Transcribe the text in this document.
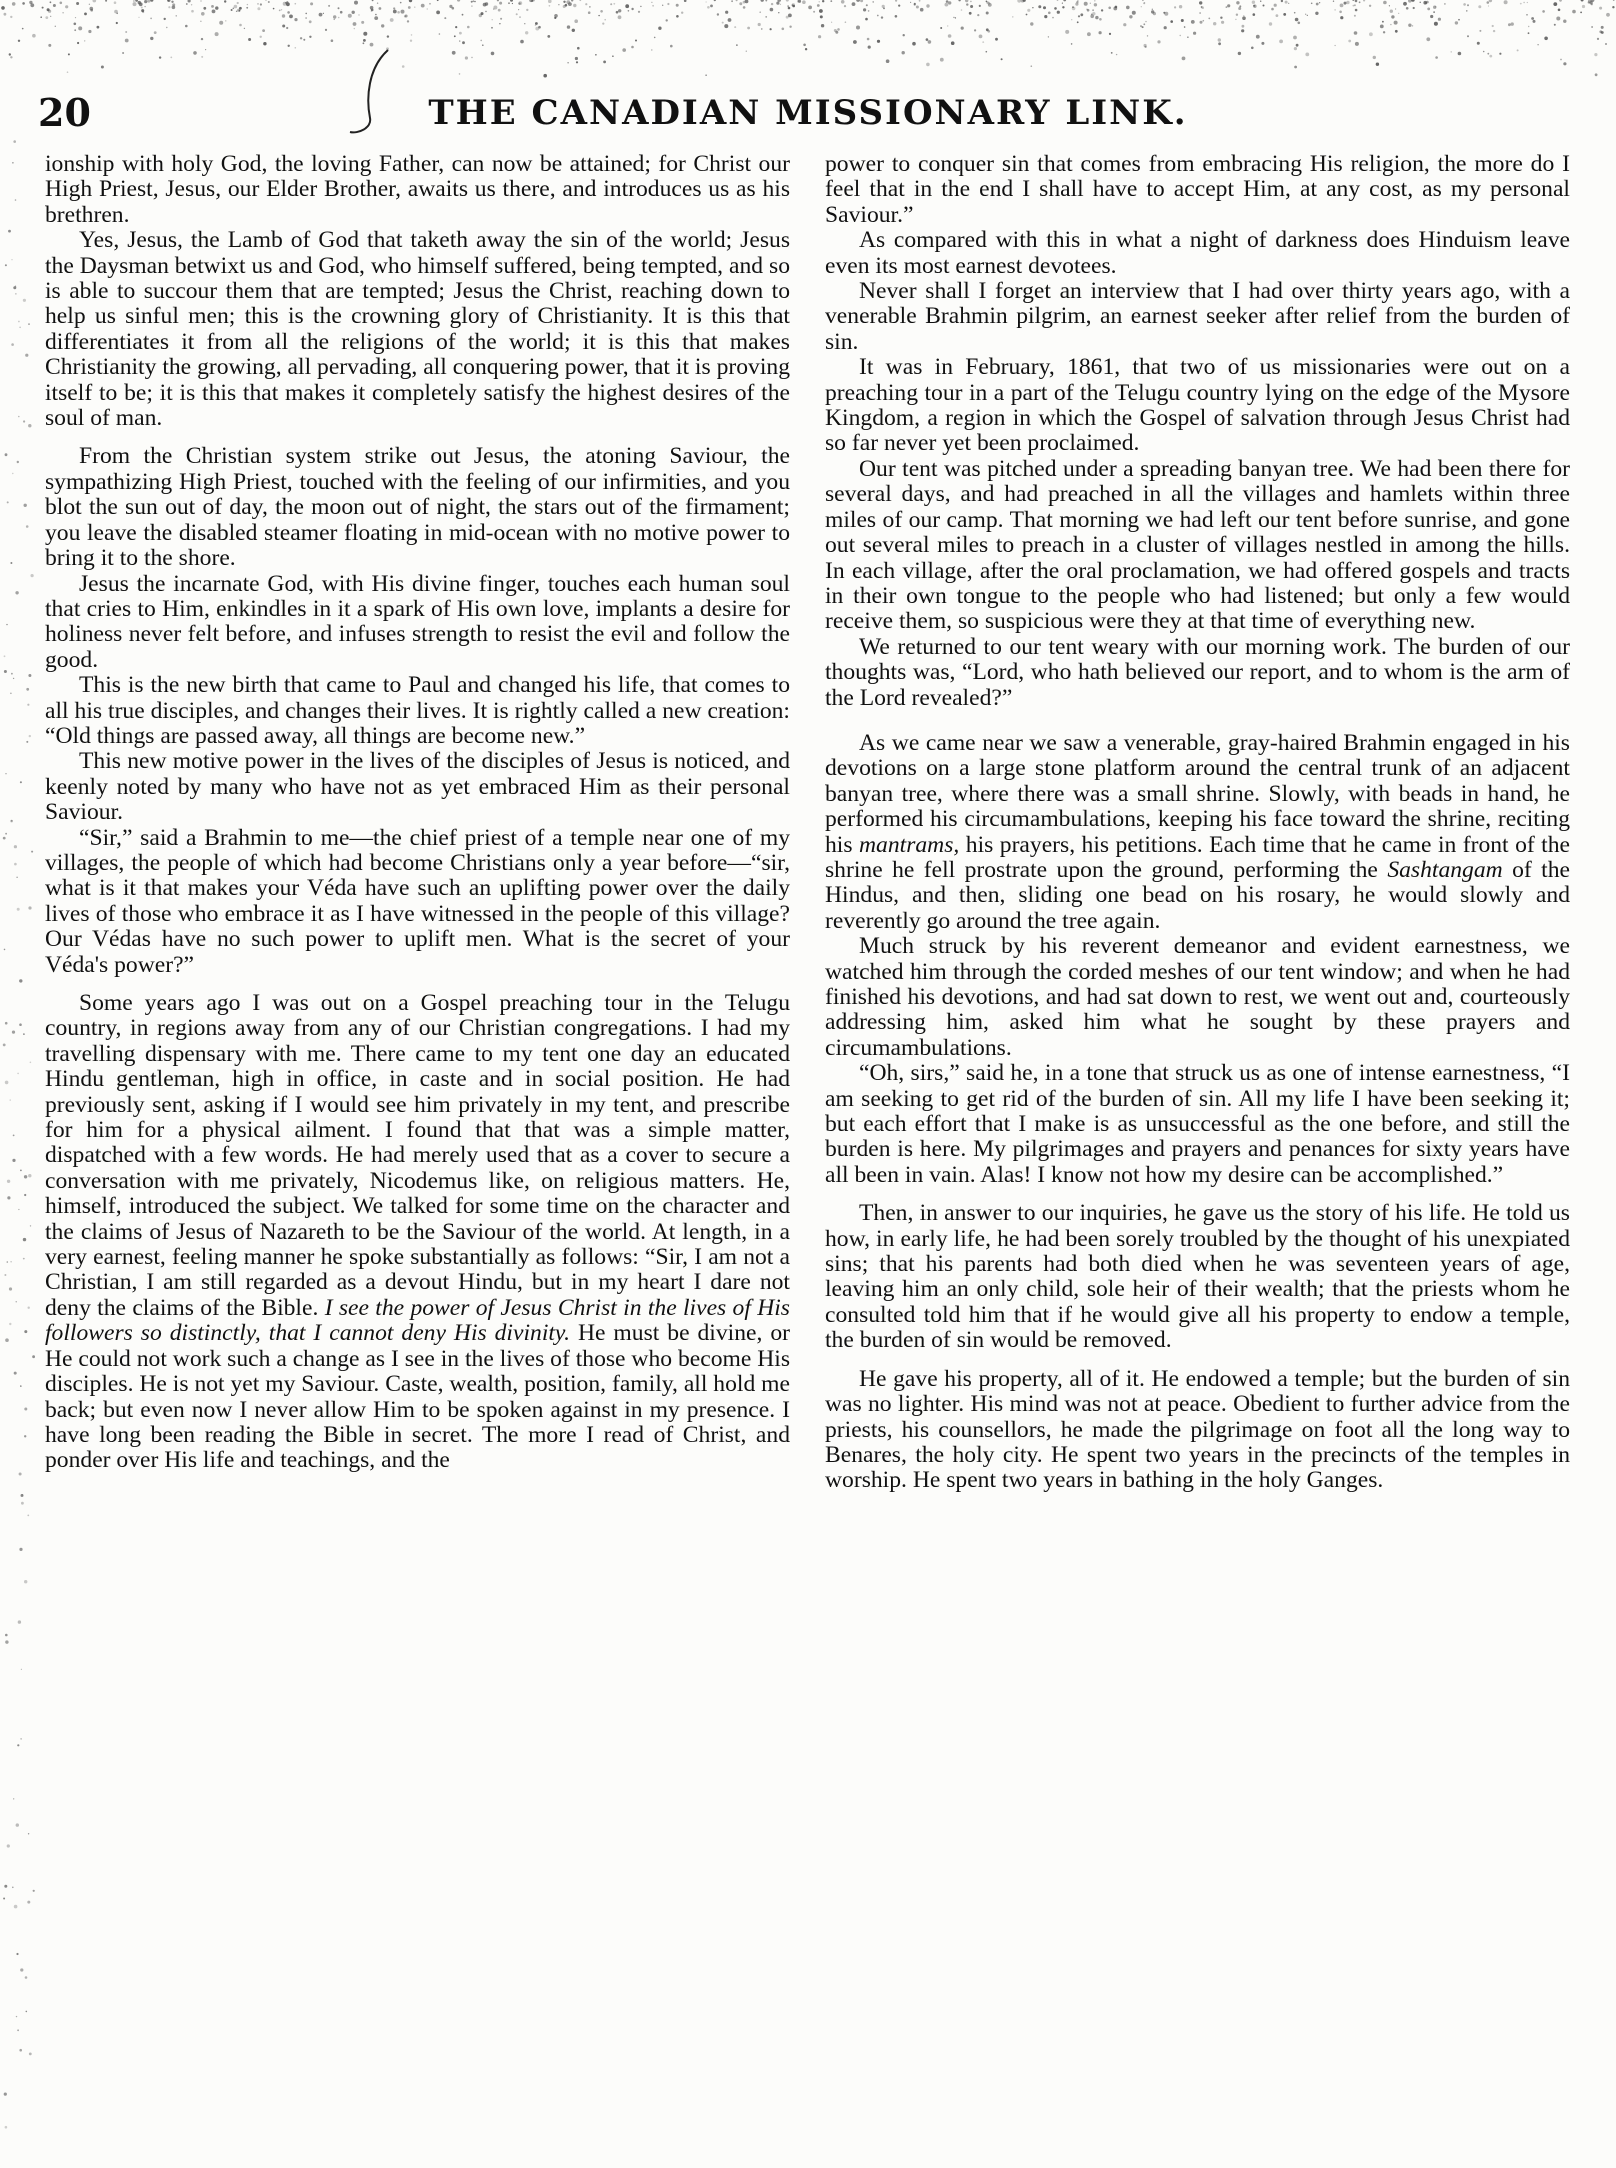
20	THE CANADIAN MISSIONARY LINK.

ionship with holy God, the loving Father, can now be attained; for Christ our High Priest, Jesus, our Elder Brother, awaits us there, and introduces us as his brethren.

Yes, Jesus, the Lamb of God that taketh away the sin of the world; Jesus the Daysman betwixt us and God, who himself suffered, being tempted, and so is able to succour them that are tempted; Jesus the Christ, reaching down to help us sinful men; this is the crowning glory of Christianity. It is this that differentiates it from all the religions of the world; it is this that makes Christianity the growing, all pervading, all conquering power, that it is proving itself to be; it is this that makes it completely satisfy the highest desires of the soul of man.

From the Christian system strike out Jesus, the atoning Saviour, the sympathizing High Priest, touched with the feeling of our infirmities, and you blot the sun out of day, the moon out of night, the stars out of the firmament; you leave the disabled steamer floating in mid-ocean with no motive power to bring it to the shore.

Jesus the incarnate God, with His divine finger, touches each human soul that cries to Him, enkindles in it a spark of His own love, implants a desire for holiness never felt before, and infuses strength to resist the evil and follow the good.

This is the new birth that came to Paul and changed his life, that comes to all his true disciples, and changes their lives. It is rightly called a new creation: “Old things are passed away, all things are become new.”

This new motive power in the lives of the disciples of Jesus is noticed, and keenly noted by many who have not as yet embraced Him as their personal Saviour.

“Sir,” said a Brahmin to me—the chief priest of a temple near one of my villages, the people of which had become Christians only a year before—“sir, what is it that makes your Véda have such an uplifting power over the daily lives of those who embrace it as I have witnessed in the people of this village? Our Védas have no such power to uplift men. What is the secret of your Véda's power?”

Some years ago I was out on a Gospel preaching tour in the Telugu country, in regions away from any of our Christian congregations. I had my travelling dispensary with me. There came to my tent one day an educated Hindu gentleman, high in office, in caste and in social position. He had previously sent, asking if I would see him privately in my tent, and prescribe for him for a physical ailment. I found that that was a simple matter, dispatched with a few words. He had merely used that as a cover to secure a conversation with me privately, Nicodemus like, on religious matters. He, himself, introduced the subject. We talked for some time on the character and the claims of Jesus of Nazareth to be the Saviour of the world. At length, in a very earnest, feeling manner he spoke substantially as follows: “Sir, I am not a Christian, I am still regarded as a devout Hindu, but in my heart I dare not deny the claims of the Bible. I see the power of Jesus Christ in the lives of His followers so distinctly, that I cannot deny His divinity. He must be divine, or He could not work such a change as I see in the lives of those who become His disciples. He is not yet my Saviour. Caste, wealth, position, family, all hold me back; but even now I never allow Him to be spoken against in my presence. I have long been reading the Bible in secret. The more I read of Christ, and ponder over His life and teachings, and the

power to conquer sin that comes from embracing His religion, the more do I feel that in the end I shall have to accept Him, at any cost, as my personal Saviour.”

As compared with this in what a night of darkness does Hinduism leave even its most earnest devotees.

Never shall I forget an interview that I had over thirty years ago, with a venerable Brahmin pilgrim, an earnest seeker after relief from the burden of sin.

It was in February, 1861, that two of us missionaries were out on a preaching tour in a part of the Telugu country lying on the edge of the Mysore Kingdom, a region in which the Gospel of salvation through Jesus Christ had so far never yet been proclaimed.

Our tent was pitched under a spreading banyan tree. We had been there for several days, and had preached in all the villages and hamlets within three miles of our camp. That morning we had left our tent before sunrise, and gone out several miles to preach in a cluster of villages nestled in among the hills. In each village, after the oral proclamation, we had offered gospels and tracts in their own tongue to the people who had listened; but only a few would receive them, so suspicious were they at that time of everything new.

We returned to our tent weary with our morning work. The burden of our thoughts was, “Lord, who hath believed our report, and to whom is the arm of the Lord revealed?”

As we came near we saw a venerable, gray-haired Brahmin engaged in his devotions on a large stone platform around the central trunk of an adjacent banyan tree, where there was a small shrine. Slowly, with beads in hand, he performed his circumambulations, keeping his face toward the shrine, reciting his mantrams, his prayers, his petitions. Each time that he came in front of the shrine he fell prostrate upon the ground, performing the Sashtangam of the Hindus, and then, sliding one bead on his rosary, he would slowly and reverently go around the tree again.

Much struck by his reverent demeanor and evident earnestness, we watched him through the corded meshes of our tent window; and when he had finished his devotions, and had sat down to rest, we went out and, courteously addressing him, asked him what he sought by these prayers and circumambulations.

“Oh, sirs,” said he, in a tone that struck us as one of intense earnestness, “I am seeking to get rid of the burden of sin. All my life I have been seeking it; but each effort that I make is as unsuccessful as the one before, and still the burden is here. My pilgrimages and prayers and penances for sixty years have all been in vain. Alas! I know not how my desire can be accomplished.”

Then, in answer to our inquiries, he gave us the story of his life. He told us how, in early life, he had been sorely troubled by the thought of his unexpiated sins; that his parents had both died when he was seventeen years of age, leaving him an only child, sole heir of their wealth; that the priests whom he consulted told him that if he would give all his property to endow a temple, the burden of sin would be removed.

He gave his property, all of it. He endowed a temple; but the burden of sin was no lighter. His mind was not at peace. Obedient to further advice from the priests, his counsellors, he made the pilgrimage on foot all the long way to Benares, the holy city. He spent two years in the precincts of the temples in worship. He spent two years in bathing in the holy Ganges.
